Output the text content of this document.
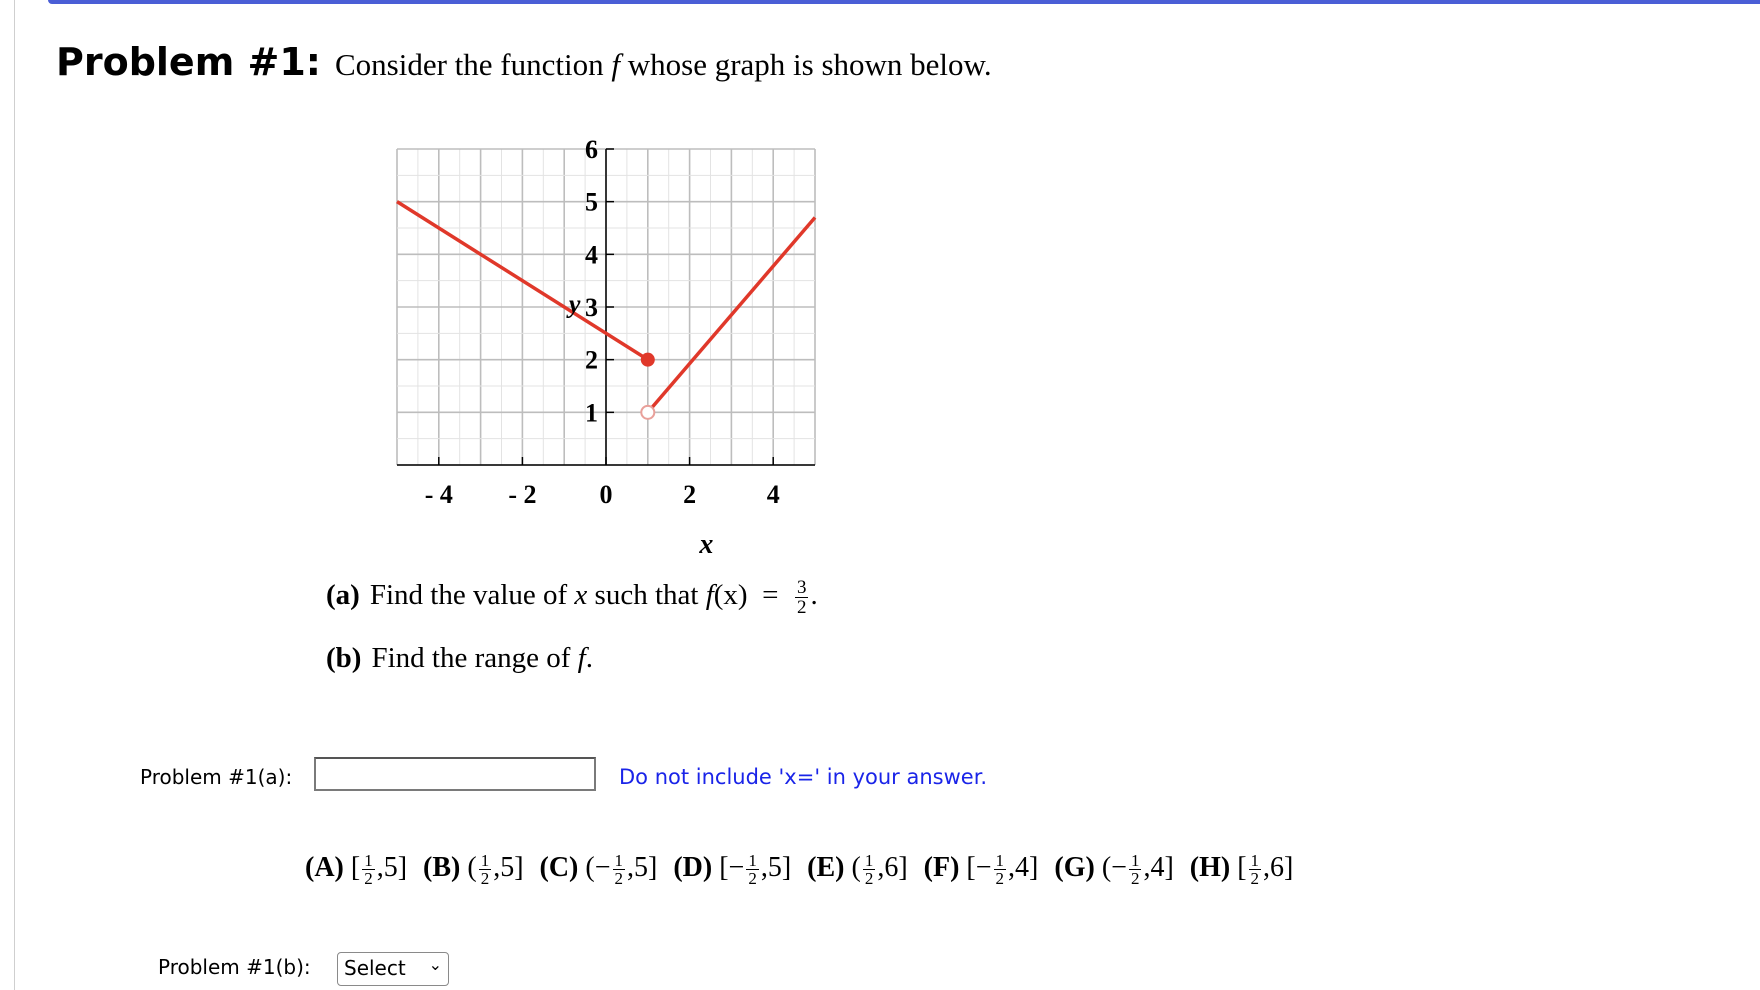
Problem #1: Consider the function f whose graph is shown below.
1
2
3
4
5
6
- 4 - 2 0	2	4
x
y
(a) Find the value of x such that $f(x) = \frac{3}{2}$ .
(b) Find the range of f.
Problem #1(a):	Do not include 'x=' in your answer.
(A) [ $\frac{1}{2} ,5$] (B) ( $\frac{1}{2} ,5$] (C) (− $\frac{1}{2} ,5$] (D) [− $\frac{1}{2} ,5$] (E) ( $\frac{1}{2} ,6$] (F) [− $\frac{1}{2} ,4$] (G) (− $\frac{1}{2} ,4$] (H) [ $\frac{1}{2} ,6$]
Problem #1(b):	Select ⌄
